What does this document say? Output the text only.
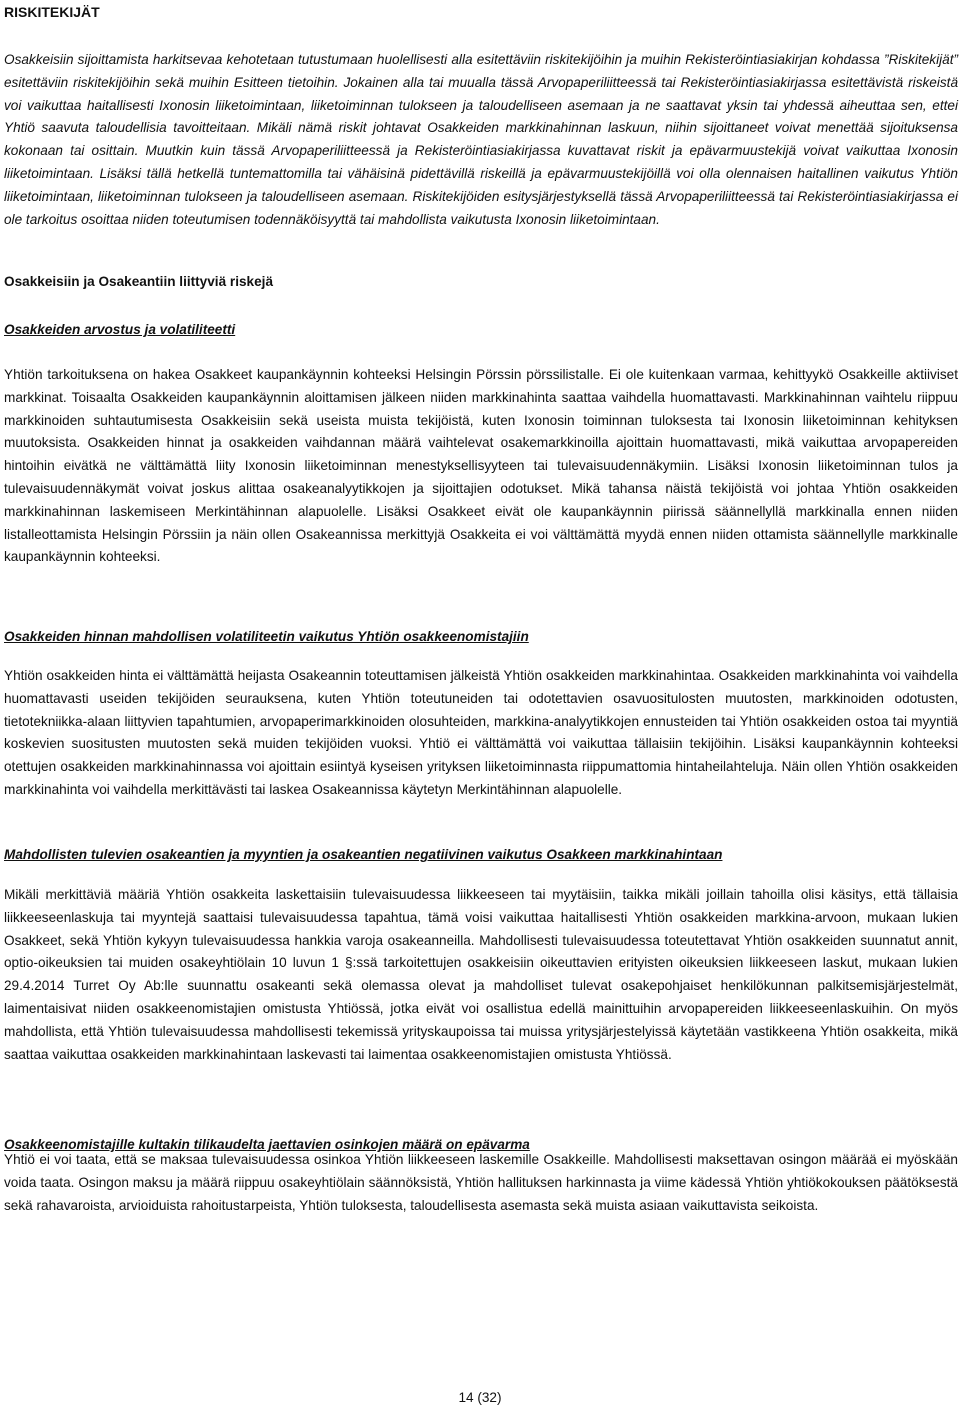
RISKITEKIJÄT

Osakkeisiin sijoittamista harkitsevaa kehotetaan tutustumaan huolellisesti alla esitettäviin riskitekijöihin ja muihin Rekisteröintiasiakirjan kohdassa ”Riskitekijät” esitettäviin riskitekijöihin sekä muihin Esitteen tietoihin. Jokainen alla tai muualla tässä Arvopaperiliitteessä tai Rekisteröintiasiakirjassa esitettävistä riskeistä voi vaikuttaa haitallisesti Ixonosin liiketoimintaan, liiketoiminnan tulokseen ja taloudelliseen asemaan ja ne saattavat yksin tai yhdessä aiheuttaa sen, ettei Yhtiö saavuta taloudellisia tavoitteitaan. Mikäli nämä riskit johtavat Osakkeiden markkinahinnan laskuun, niihin sijoittaneet voivat menettää sijoituksensa kokonaan tai osittain. Muutkin kuin tässä Arvopaperiliitteessä ja Rekisteröintiasiakirjassa kuvattavat riskit ja epävarmuustekijä voivat vaikuttaa Ixonosin liiketoimintaan. Lisäksi tällä hetkellä tuntemattomilla tai vähäisinä pidettävillä riskeillä ja epävarmuustekijöillä voi olla olennaisen haitallinen vaikutus Yhtiön liiketoimintaan, liiketoiminnan tulokseen ja taloudelliseen asemaan. Riskitekijöiden esitysjärjestyksellä tässä Arvopaperiliitteessä tai Rekisteröintiasiakirjassa ei ole tarkoitus osoittaa niiden toteutumisen todennäköisyyttä tai mahdollista vaikutusta Ixonosin liiketoimintaan.

Osakkeisiin ja Osakeantiin liittyviä riskejä
Osakkeiden arvostus ja volatiliteetti

Yhtiön tarkoituksena on hakea Osakkeet kaupankäynnin kohteeksi Helsingin Pörssin pörssilistalle. Ei ole kuitenkaan varmaa, kehittyykö Osakkeille aktiiviset markkinat. Toisaalta Osakkeiden kaupankäynnin aloittamisen jälkeen niiden markkinahinta saattaa vaihdella huomattavasti. Markkinahinnan vaihtelu riippuu markkinoiden suhtautumisesta Osakkeisiin sekä useista muista tekijöistä, kuten Ixonosin toiminnan tuloksesta tai Ixonosin liiketoiminnan kehityksen muutoksista. Osakkeiden hinnat ja osakkeiden vaihdannan määrä vaihtelevat osakemarkkinoilla ajoittain huomattavasti, mikä vaikuttaa arvopapereiden hintoihin eivätkä ne välttämättä liity Ixonosin liiketoiminnan menestyksellisyyteen tai tulevaisuudennäkymiin. Lisäksi Ixonosin liiketoiminnan tulos ja tulevaisuudennäkymät voivat joskus alittaa osakeanalyytikkojen ja sijoittajien odotukset. Mikä tahansa näistä tekijöistä voi johtaa Yhtiön osakkeiden markkinahinnan laskemiseen Merkintähinnan alapuolelle. Lisäksi Osakkeet eivät ole kaupankäynnin piirissä säännellyllä markkinalla ennen niiden listalleottamista Helsingin Pörssiin ja näin ollen Osakeannissa merkittyjä Osakkeita ei voi välttämättä myydä ennen niiden ottamista säännellylle markkinalle kaupankäynnin kohteeksi.

Osakkeiden hinnan mahdollisen volatiliteetin vaikutus Yhtiön osakkeenomistajiin

Yhtiön osakkeiden hinta ei välttämättä heijasta Osakeannin toteuttamisen jälkeistä Yhtiön osakkeiden markkinahintaa. Osakkeiden markkinahinta voi vaihdella huomattavasti useiden tekijöiden seurauksena, kuten Yhtiön toteutuneiden tai odotettavien osavuositulosten muutosten, markkinoiden odotusten, tietotekniikka-alaan liittyvien tapahtumien, arvopaperimarkkinoiden olosuhteiden, markkina-analyytikkojen ennusteiden tai Yhtiön osakkeiden ostoa tai myyntiä koskevien suositusten muutosten sekä muiden tekijöiden vuoksi. Yhtiö ei välttämättä voi vaikuttaa tällaisiin tekijöihin. Lisäksi kaupankäynnin kohteeksi otettujen osakkeiden markkinahinnassa voi ajoittain esiintyä kyseisen yrityksen liiketoiminnasta riippumattomia hintaheilahteluja. Näin ollen Yhtiön osakkeiden markkinahinta voi vaihdella merkittävästi tai laskea Osakeannissa käytetyn Merkintähinnan alapuolelle.

Mahdollisten tulevien osakeantien ja myyntien ja osakeantien negatiivinen vaikutus Osakkeen markkinahintaan

Mikäli merkittäviä määriä Yhtiön osakkeita laskettaisiin tulevaisuudessa liikkeeseen tai myytäisiin, taikka mikäli joillain tahoilla olisi käsitys, että tällaisia liikkeeseenlaskuja tai myyntejä saattaisi tulevaisuudessa tapahtua, tämä voisi vaikuttaa haitallisesti Yhtiön osakkeiden markkina-arvoon, mukaan lukien Osakkeet, sekä Yhtiön kykyyn tulevaisuudessa hankkia varoja osakeanneilla. Mahdollisesti tulevaisuudessa toteutettavat Yhtiön osakkeiden suunnatut annit, optio-oikeuksien tai muiden osakeyhtiölain 10 luvun 1 §:ssä tarkoitettujen osakkeisiin oikeuttavien erityisten oikeuksien liikkeeseen laskut, mukaan lukien 29.4.2014 Turret Oy Ab:lle suunnattu osakeanti sekä olemassa olevat ja mahdolliset tulevat osakepohjaiset henkilökunnan palkitsemisjärjestelmät, laimentaisivat niiden osakkeenomistajien omistusta Yhtiössä, jotka eivät voi osallistua edellä mainittuihin arvopapereiden liikkeeseenlaskuihin. On myös mahdollista, että Yhtiön tulevaisuudessa mahdollisesti tekemissä yrityskaupoissa tai muissa yritysjärjestelyissä käytetään vastikkeena Yhtiön osakkeita, mikä saattaa vaikuttaa osakkeiden markkinahintaan laskevasti tai laimentaa osakkeenomistajien omistusta Yhtiössä.

Osakkeenomistajille kultakin tilikaudelta jaettavien osinkojen määrä on epävarma

Yhtiö ei voi taata, että se maksaa tulevaisuudessa osinkoa Yhtiön liikkeeseen laskemille Osakkeille. Mahdollisesti maksettavan osingon määrää ei myöskään voida taata. Osingon maksu ja määrä riippuu osakeyhtiölain säännöksistä, Yhtiön hallituksen harkinnasta ja viime kädessä Yhtiön yhtiökokouksen päätöksestä sekä rahavaroista, arvioiduista rahoitustarpeista, Yhtiön tuloksesta, taloudellisesta asemasta sekä muista asiaan vaikuttavista seikoista.

14 (32)
